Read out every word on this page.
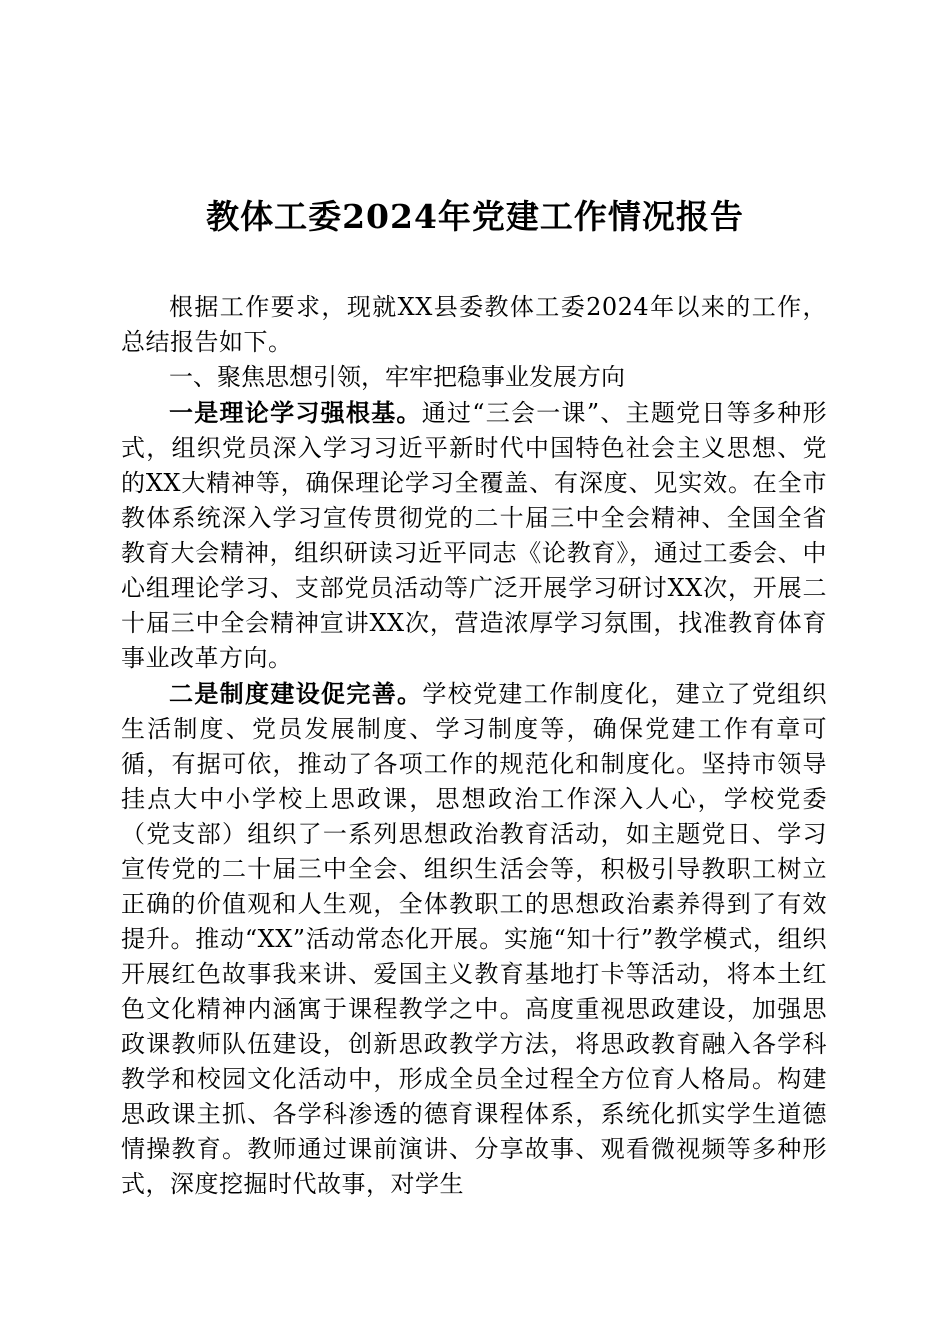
教体工委2024年党建工作情况报告

根据工作要求，现就XX县委教体工委2024年以来的工作，总结报告如下。

一、聚焦思想引领，牢牢把稳事业发展方向

一是理论学习强根基。通过“三会一课”、主题党日等多种形式，组织党员深入学习习近平新时代中国特色社会主义思想、党的XX大精神等，确保理论学习全覆盖、有深度、见实效。在全市教体系统深入学习宣传贯彻党的二十届三中全会精神、全国全省教育大会精神，组织研读习近平同志《论教育》，通过工委会、中心组理论学习、支部党员活动等广泛开展学习研讨XX次，开展二十届三中全会精神宣讲XX次，营造浓厚学习氛围，找准教育体育事业改革方向。

二是制度建设促完善。学校党建工作制度化，建立了党组织生活制度、党员发展制度、学习制度等，确保党建工作有章可循，有据可依，推动了各项工作的规范化和制度化。坚持市领导挂点大中小学校上思政课，思想政治工作深入人心，学校党委（党支部）组织了一系列思想政治教育活动，如主题党日、学习宣传党的二十届三中全会、组织生活会等，积极引导教职工树立正确的价值观和人生观，全体教职工的思想政治素养得到了有效提升。推动“XX”活动常态化开展。实施“知十行”教学模式，组织开展红色故事我来讲、爱国主义教育基地打卡等活动，将本土红色文化精神内涵寓于课程教学之中。高度重视思政建设，加强思政课教师队伍建设，创新思政教学方法，将思政教育融入各学科教学和校园文化活动中，形成全员全过程全方位育人格局。构建思政课主抓、各学科渗透的德育课程体系，系统化抓实学生道德情操教育。教师通过课前演讲、分享故事、观看微视频等多种形式，深度挖掘时代故事，对学生
